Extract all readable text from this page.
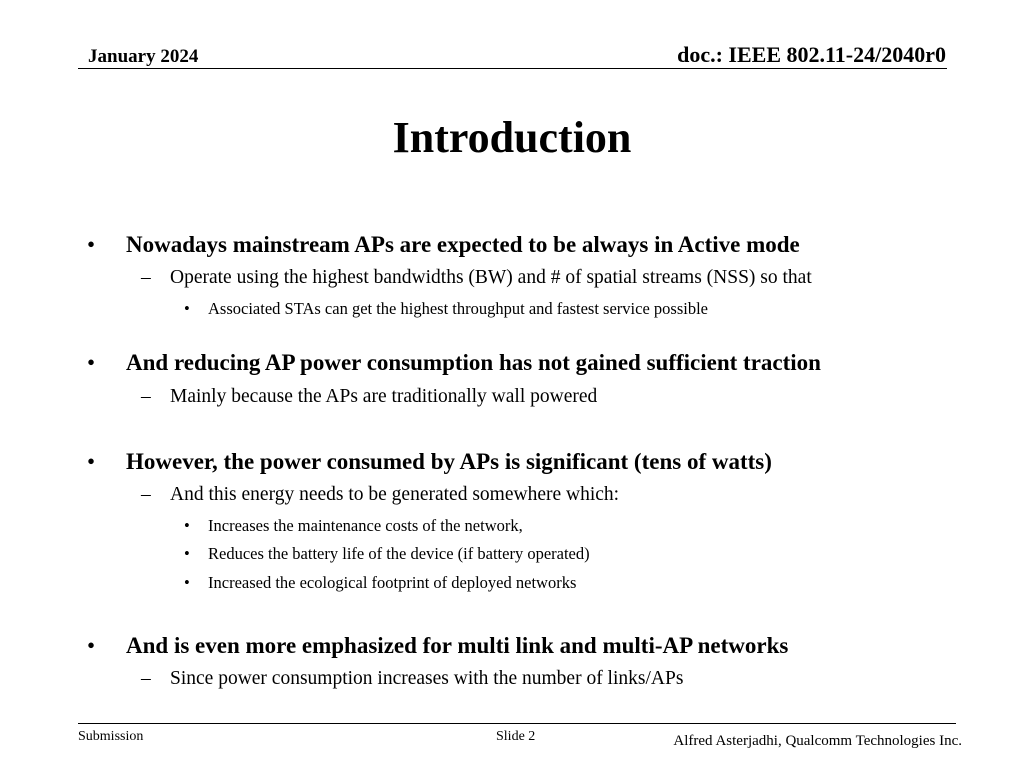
January 2024	doc.: IEEE 802.11-24/2040r0
Introduction
• Nowadays mainstream APs are expected to be always in Active mode
– Operate using the highest bandwidths (BW) and # of spatial streams (NSS) so that
• Associated STAs can get the highest throughput and fastest service possible
• And reducing AP power consumption has not gained sufficient traction
– Mainly because the APs are traditionally wall powered
• However, the power consumed by APs is significant (tens of watts)
– And this energy needs to be generated somewhere which:
• Increases the maintenance costs of the network,
• Reduces the battery life of the device (if battery operated)
• Increased the ecological footprint of deployed networks
• And is even more emphasized for multi link and multi-AP networks
– Since power consumption increases with the number of links/APs
Submission	Slide 2	Alfred Asterjadhi, Qualcomm Technologies Inc.
